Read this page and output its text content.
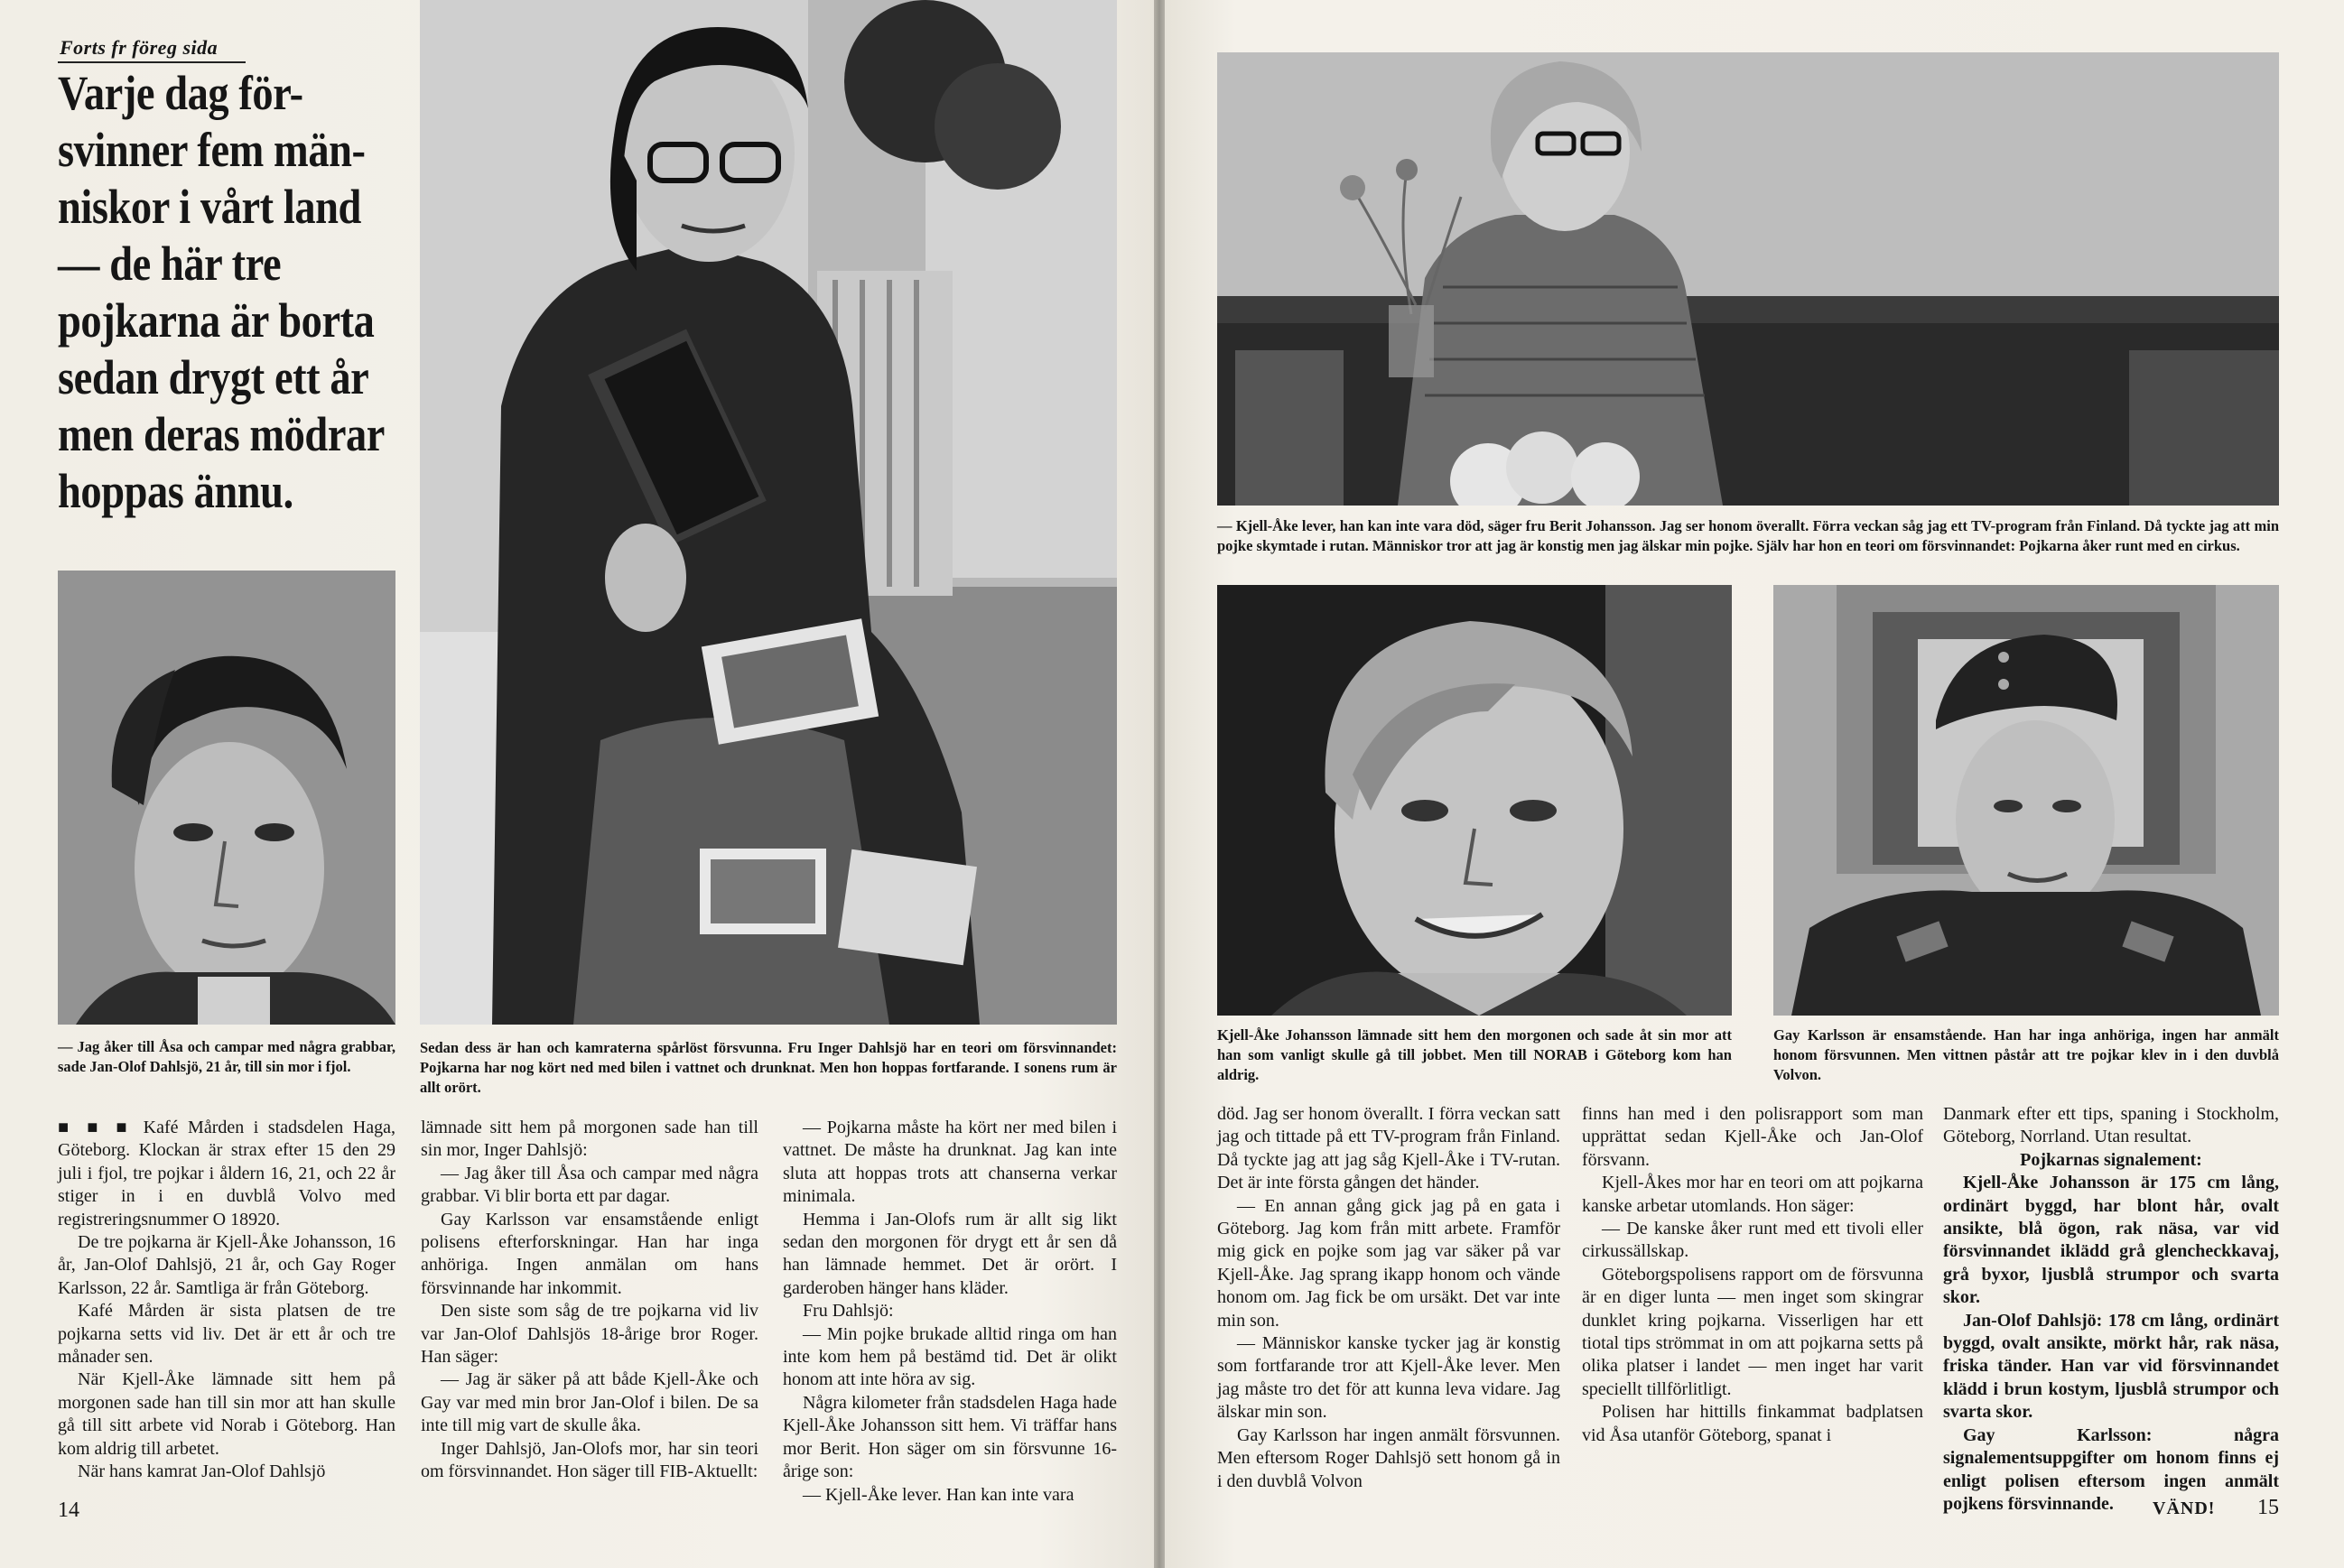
Forts fr föreg sida
Varje dag för-
svinner fem män-
niskor i vårt land
— de här tre
pojkarna är borta
sedan drygt ett år
men deras mödrar
hoppas ännu.
— Jag åker till Åsa och campar med några grabbar, sade Jan-Olof Dahlsjö, 21 år, till sin mor i fjol.
Sedan dess är han och kamraterna spårlöst försvunna. Fru Inger Dahlsjö har en teori om försvinnandet: Pojkarna har nog kört ned med bilen i vattnet och drunknat. Men hon hoppas fortfarande. I sonens rum är allt orört.

■ ■ ■ Kafé Mården i stadsdelen Haga, Göteborg. Klockan är strax efter 15 den 29 juli i fjol, tre pojkar i åldern 16, 21, och 22 år stiger in i en duvblå Volvo med registreringsnummer O 18920.

De tre pojkarna är Kjell-Åke Johansson, 16 år, Jan-Olof Dahlsjö, 21 år, och Gay Roger Karlsson, 22 år. Samtliga är från Göteborg.

Kafé Mården är sista platsen de tre pojkarna setts vid liv. Det är ett år och tre månader sen.

När Kjell-Åke lämnade sitt hem på morgonen sade han till sin mor att han skulle gå till sitt arbete vid Norab i Göteborg. Han kom aldrig till arbetet.

När hans kamrat Jan-Olof Dahlsjö

lämnade sitt hem på morgonen sade han till sin mor, Inger Dahlsjö:

— Jag åker till Åsa och campar med några grabbar. Vi blir borta ett par dagar.

Gay Karlsson var ensamstående enligt polisens efterforskningar. Han har inga anhöriga. Ingen anmälan om hans försvinnande har inkommit.

Den siste som såg de tre pojkarna vid liv var Jan-Olof Dahlsjös 18-årige bror Roger. Han säger:

— Jag är säker på att både Kjell-Åke och Gay var med min bror Jan-Olof i bilen. De sa inte till mig vart de skulle åka.

Inger Dahlsjö, Jan-Olofs mor, har sin teori om försvinnandet. Hon säger till FIB-Aktuellt:

— Pojkarna måste ha kört ner med bilen i vattnet. De måste ha drunknat. Jag kan inte sluta att hoppas trots att chanserna verkar minimala.

Hemma i Jan-Olofs rum är allt sig likt sedan den morgonen för drygt ett år sen då han lämnade hemmet. Det är orört. I garderoben hänger hans kläder.

Fru Dahlsjö:

— Min pojke brukade alltid ringa om han inte kom hem på bestämd tid. Det är olikt honom att inte höra av sig.

Några kilometer från stadsdelen Haga hade Kjell-Åke Johansson sitt hem. Vi träffar hans mor Berit. Hon säger om sin försvunne 16-årige son:

— Kjell-Åke lever. Han kan inte vara

14
— Kjell-Åke lever, han kan inte vara död, säger fru Berit Johansson. Jag ser honom överallt. Förra veckan såg jag ett TV-program från Finland. Då tyckte jag att min pojke skymtade i rutan. Människor tror att jag är konstig men jag älskar min pojke. Själv har hon en teori om försvinnandet: Pojkarna åker runt med en cirkus.
Kjell-Åke Johansson lämnade sitt hem den morgonen och sade åt sin mor att han som vanligt skulle gå till jobbet. Men till NORAB i Göteborg kom han aldrig.
Gay Karlsson är ensamstående. Han har inga anhöriga, ingen har anmält honom försvunnen. Men vittnen påstår att tre pojkar klev in i den duvblå Volvon.

död. Jag ser honom överallt. I förra veckan satt jag och tittade på ett TV-program från Finland. Då tyckte jag att jag såg Kjell-Åke i TV-rutan. Det är inte första gången det händer.

— En annan gång gick jag på en gata i Göteborg. Jag kom från mitt arbete. Framför mig gick en pojke som jag var säker på var Kjell-Åke. Jag sprang ikapp honom och vände honom om. Jag fick be om ursäkt. Det var inte min son.

— Människor kanske tycker jag är konstig som fortfarande tror att Kjell-Åke lever. Men jag måste tro det för att kunna leva vidare. Jag älskar min son.

Gay Karlsson har ingen anmält försvunnen. Men eftersom Roger Dahlsjö sett honom gå in i den duvblå Volvon

finns han med i den polisrapport som man upprättat sedan Kjell-Åke och Jan-Olof försvann.

Kjell-Åkes mor har en teori om att pojkarna kanske arbetar utomlands. Hon säger:

— De kanske åker runt med ett tivoli eller cirkussällskap.

Göteborgspolisens rapport om de försvunna är en diger lunta — men inget som skingrar dunklet kring pojkarna. Visserligen har ett tiotal tips strömmat in om att pojkarna setts på olika platser i landet — men inget har varit speciellt tillförlitligt.

Polisen har hittills finkammat badplatsen vid Åsa utanför Göteborg, spanat i

Danmark efter ett tips, spaning i Stockholm, Göteborg, Norrland. Utan resultat.

Pojkarnas signalement:

Kjell-Åke Johansson är 175 cm lång, ordinärt byggd, har blont hår, ovalt ansikte, blå ögon, rak näsa, var vid försvinnandet iklädd grå glencheckkavaj, grå byxor, ljusblå strumpor och svarta skor.

Jan-Olof Dahlsjö: 178 cm lång, ordinärt byggd, ovalt ansikte, mörkt hår, rak näsa, friska tänder. Han var vid försvinnandet klädd i brun kostym, ljusblå strumpor och svarta skor.

Gay Karlsson: några signalementsuppgifter om honom finns ej enligt polisen eftersom ingen anmält pojkens försvinnande.	VÄND! 15
